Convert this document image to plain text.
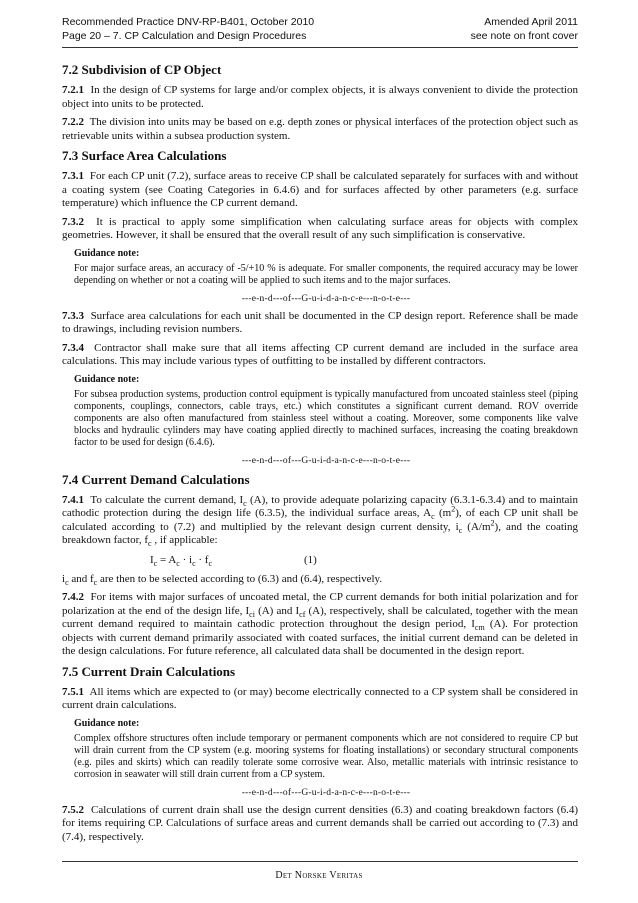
Recommended Practice DNV-RP-B401, October 2010
Page 20 – 7. CP Calculation and Design Procedures
Amended April 2011
see note on front cover
7.2 Subdivision of CP Object

7.2.1 In the design of CP systems for large and/or complex objects, it is always convenient to divide the protection object into units to be protected.

7.2.2 The division into units may be based on e.g. depth zones or physical interfaces of the protection object such as retrievable units within a subsea production system.

7.3 Surface Area Calculations

7.3.1 For each CP unit (7.2), surface areas to receive CP shall be calculated separately for surfaces with and without a coating system (see Coating Categories in 6.4.6) and for surfaces affected by other parameters (e.g. surface temperature) which influence the CP current demand.

7.3.2 It is practical to apply some simplification when calculating surface areas for objects with complex geometries. However, it shall be ensured that the overall result of any such simplification is conservative.

Guidance note:
For major surface areas, an accuracy of -5/+10 % is adequate. For smaller components, the required accuracy may be lower depending on whether or not a coating will be applied to such items and to the major surfaces.
---e-n-d---of---G-u-i-d-a-n-c-e---n-o-t-e---

7.3.3 Surface area calculations for each unit shall be documented in the CP design report. Reference shall be made to drawings, including revision numbers.

7.3.4 Contractor shall make sure that all items affecting CP current demand are included in the surface area calculations. This may include various types of outfitting to be installed by different contractors.

Guidance note:
For subsea production systems, production control equipment is typically manufactured from uncoated stainless steel (piping components, couplings, connectors, cable trays, etc.) which constitutes a significant current demand. ROV override components are also often manufactured from stainless steel without a coating. Moreover, some components like valve blocks and hydraulic cylinders may have coating applied directly to machined surfaces, increasing the coating breakdown factor to be used for design (6.4.6).
---e-n-d---of---G-u-i-d-a-n-c-e---n-o-t-e---
7.4 Current Demand Calculations

7.4.1 To calculate the current demand, $I_c$ (A), to provide adequate polarizing capacity (6.3.1-6.3.4) and to maintain cathodic protection during the design life (6.3.5), the individual surface areas, $A_c$ $(m^2)$, of each CP unit shall be calculated according to (7.2) and multiplied by the relevant design current density, $i_c$ $(A/m^2)$, and the coating breakdown factor, $f_c$ , if applicable:

$I_c = A_c \cdot i_c \cdot f_c$	(1)

$i_c$ and $f_c$ are then to be selected according to (6.3) and (6.4), respectively.

7.4.2 For items with major surfaces of uncoated metal, the CP current demands for both initial polarization and for polarization at the end of the design life, $I_{ci}$ (A) and $I_{cf}$ (A), respectively, shall be calculated, together with the mean current demand required to maintain cathodic protection throughout the design period, $I_{cm}$ (A). For protection objects with current demand primarily associated with coated surfaces, the initial current demand can be deleted in the design calculations. For future reference, all calculated data shall be documented in the design report.

7.5 Current Drain Calculations

7.5.1 All items which are expected to (or may) become electrically connected to a CP system shall be considered in current drain calculations.

Guidance note:
Complex offshore structures often include temporary or permanent components which are not considered to require CP but will drain current from the CP system (e.g. mooring systems for floating installations) or secondary structural components (e.g. piles and skirts) which can readily tolerate some corrosive wear. Also, metallic materials with intrinsic resistance to corrosion in seawater will still drain current from a CP system.
---e-n-d---of---G-u-i-d-a-n-c-e---n-o-t-e---

7.5.2 Calculations of current drain shall use the design current densities (6.3) and coating breakdown factors (6.4) for items requiring CP. Calculations of surface areas and current demands shall be carried out according to (7.3) and (7.4), respectively.

Det Norske Veritas
